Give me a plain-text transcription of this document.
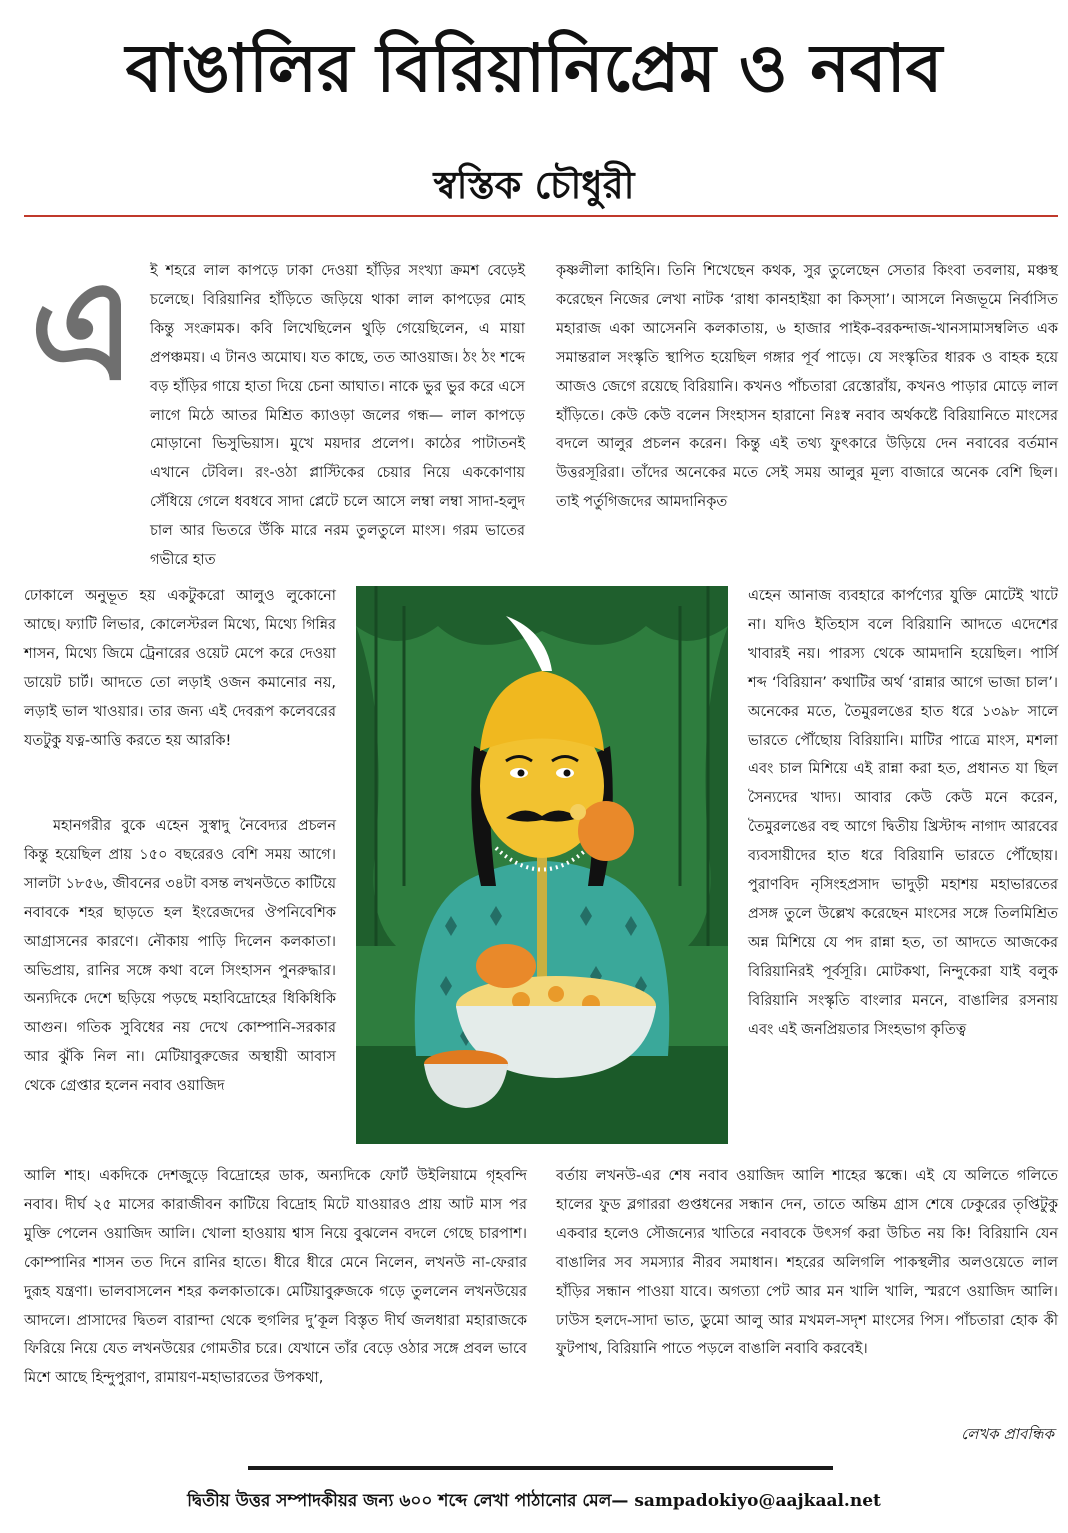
বাঙালির বিরিয়ানিপ্রেম ও নবাব
স্বস্তিক চৌধুরী
এ	ই শহরে লাল কাপড়ে ঢাকা দেওয়া হাঁড়ির সংখ্যা ক্রমশ বেড়েই চলেছে। বিরিয়ানির হাঁড়িতে জড়িয়ে থাকা লাল কাপড়ের মোহ কিন্তু সংক্রামক। কবি লিখেছিলেন থুড়ি গেয়েছিলেন, এ মায়া প্রপঞ্চময়। এ টানও অমোঘ। যত কাছে, তত আওয়াজ। ঠং ঠং শব্দে বড় হাঁড়ির গায়ে হাতা দিয়ে চেনা আঘাত। নাকে ভুর ভুর করে এসে লাগে মিঠে আতর মিশ্রিত ক্যাওড়া জলের গন্ধ— লাল কাপড়ে মোড়ানো ভিসুভিয়াস। মুখে ময়দার প্রলেপ। কাঠের পাটাতনই এখানে টেবিল। রং-ওঠা প্লাস্টিকের চেয়ার নিয়ে এককোণায় সেঁধিয়ে গেলে ধবধবে সাদা প্লেটে চলে আসে লম্বা লম্বা সাদা-হলুদ চাল আর ভিতরে উঁকি মারে নরম তুলতুলে মাংস। গরম ভাতের গভীরে হাত

ঢোকালে অনুভূত হয় একটুকরো আলুও লুকোনো আছে। ফ্যাটি লিভার, কোলেস্টরল মিথ্যে, মিথ্যে গিন্নির শাসন, মিথ্যে জিমে ট্রেনারের ওয়েট মেপে করে দেওয়া ডায়েট চার্ট। আদতে তো লড়াই ওজন কমানোর নয়, লড়াই ভাল খাওয়ার। তার জন্য এই দেবরূপ কলেবরের যতটুকু যত্ন-আত্তি করতে হয় আরকি!

মহানগরীর বুকে এহেন সুস্বাদু নৈবেদ্যর প্রচলন কিন্তু হয়েছিল প্রায় ১৫০ বছরেরও বেশি সময় আগে। সালটা ১৮৫৬, জীবনের ৩৪টা বসন্ত লখনউতে কাটিয়ে নবাবকে শহর ছাড়তে হল ইংরেজদের ঔপনিবেশিক আগ্রাসনের কারণে। নৌকায় পাড়ি দিলেন কলকাতা। অভিপ্রায়, রানির সঙ্গে কথা বলে সিংহাসন পুনরুদ্ধার। অন্যদিকে দেশে ছড়িয়ে পড়ছে মহাবিদ্রোহের ধিকিধিকি আগুন। গতিক সুবিধের নয় দেখে কোম্পানি-সরকার আর ঝুঁকি নিল না। মেটিয়াবুরুজের অস্থায়ী আবাস থেকে গ্রেপ্তার হলেন নবাব ওয়াজিদ

আলি শাহ। একদিকে দেশজুড়ে বিদ্রোহের ডাক, অন্যদিকে ফোর্ট উইলিয়ামে গৃহবন্দি নবাব। দীর্ঘ ২৫ মাসের কারাজীবন কাটিয়ে বিদ্রোহ মিটে যাওয়ারও প্রায় আট মাস পর মুক্তি পেলেন ওয়াজিদ আলি। খোলা হাওয়ায় শ্বাস নিয়ে বুঝলেন বদলে গেছে চারপাশ। কোম্পানির শাসন তত দিনে রানির হাতে। ধীরে ধীরে মেনে নিলেন, লখনউ না-ফেরার দুরূহ যন্ত্রণা। ভালবাসলেন শহর কলকাতাকে। মেটিয়াবুরুজকে গড়ে তুললেন লখনউয়ের আদলে। প্রাসাদের দ্বিতল বারান্দা থেকে হুগলির দু’কূল বিস্তৃত দীর্ঘ জলধারা মহারাজকে ফিরিয়ে নিয়ে যেত লখনউয়ের গোমতীর চরে। যেখানে তাঁর বেড়ে ওঠার সঙ্গে প্রবল ভাবে মিশে আছে হিন্দুপুরাণ, রামায়ণ-মহাভারতের উপকথা,

কৃষ্ণলীলা কাহিনি। তিনি শিখেছেন কথক, সুর তুলেছেন সেতার কিংবা তবলায়, মঞ্চস্থ করেছেন নিজের লেখা নাটক ‘রাধা কানহাইয়া কা কিস্‌সা’। আসলে নিজভূমে নির্বাসিত মহারাজ একা আসেননি কলকাতায়, ৬ হাজার পাইক-বরকন্দাজ-খানসামাসম্বলিত এক সমান্তরাল সংস্কৃতি স্থাপিত হয়েছিল গঙ্গার পূর্ব পাড়ে। যে সংস্কৃতির ধারক ও বাহক হয়ে আজও জেগে রয়েছে বিরিয়ানি। কখনও পাঁচতারা রেস্তোরাঁয়, কখনও পাড়ার মোড়ে লাল হাঁড়িতে। কেউ কেউ বলেন সিংহাসন হারানো নিঃস্ব নবাব অর্থকষ্টে বিরিয়ানিতে মাংসের বদলে আলুর প্রচলন করেন। কিন্তু এই তথ্য ফুৎকারে উড়িয়ে দেন নবাবের বর্তমান উত্তরসূরিরা। তাঁদের অনেকের মতে সেই সময় আলুর মূল্য বাজারে অনেক বেশি ছিল। তাই পর্তুগিজদের আমদানিকৃত

এহেন আনাজ ব্যবহারে কার্পণ্যের যুক্তি মোটেই খাটে না। যদিও ইতিহাস বলে বিরিয়ানি আদতে এদেশের খাবারই নয়। পারস্য থেকে আমদানি হয়েছিল। পার্সি শব্দ ‘বিরিয়ান’ কথাটির অর্থ ‘রান্নার আগে ভাজা চাল’। অনেকের মতে, তৈমুরলঙের হাত ধরে ১৩৯৮ সালে ভারতে পৌঁছোয় বিরিয়ানি। মাটির পাত্রে মাংস, মশলা এবং চাল মিশিয়ে এই রান্না করা হত, প্রধানত যা ছিল সৈন্যদের খাদ্য। আবার কেউ কেউ মনে করেন, তৈমুরলঙের বহু আগে দ্বিতীয় খ্রিস্টাব্দ নাগাদ আরবের ব্যবসায়ীদের হাত ধরে বিরিয়ানি ভারতে পৌঁছোয়। পুরাণবিদ নৃসিংহপ্রসাদ ভাদুড়ী মহাশয় মহাভারতের প্রসঙ্গ তুলে উল্লেখ করেছেন মাংসের সঙ্গে তিলমিশ্রিত অন্ন মিশিয়ে যে পদ রান্না হত, তা আদতে আজকের বিরিয়ানিরই পূর্বসূরি। মোটকথা, নিন্দুকেরা যাই বলুক বিরিয়ানি সংস্কৃতি বাংলার মননে, বাঙালির রসনায় এবং এই জনপ্রিয়তার সিংহভাগ কৃতিত্ব

বর্তায় লখনউ-এর শেষ নবাব ওয়াজিদ আলি শাহের স্কন্ধে। এই যে অলিতে গলিতে হালের ফুড ব্লগাররা গুপ্তধনের সন্ধান দেন, তাতে অন্তিম গ্রাস শেষে ঢেকুরের তৃপ্তিটুকু একবার হলেও সৌজন্যের খাতিরে নবাবকে উৎসর্গ করা উচিত নয় কি! বিরিয়ানি যেন বাঙালির সব সমস্যার নীরব সমাধান। শহরের অলিগলি পাকস্থলীর অলওয়েতে লাল হাঁড়ির সন্ধান পাওয়া যাবে। অগত্যা পেট আর মন খালি খালি, স্মরণে ওয়াজিদ আলি। ঢাউস হলদে-সাদা ভাত, ডুমো আলু আর মখমল-সদৃশ মাংসের পিস। পাঁচতারা হোক কী ফুটপাথ, বিরিয়ানি পাতে পড়লে বাঙালি নবাবি করবেই।

লেখক প্রাবন্ধিক
দ্বিতীয় উত্তর সম্পাদকীয়র জন্য ৬০০ শব্দে লেখা পাঠানোর মেল— sampadokiyo@aajkaal.net
